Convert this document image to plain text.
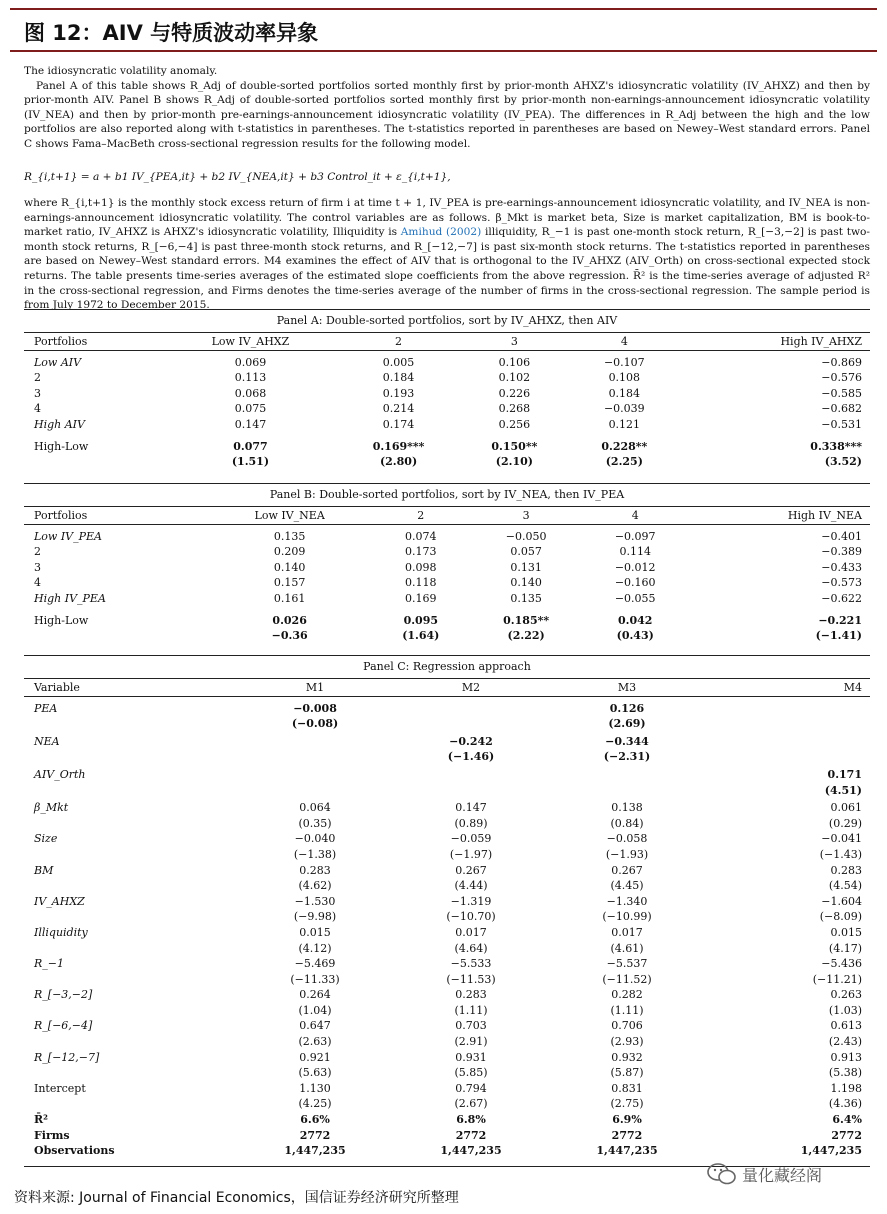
图 12：AIV 与特质波动率异象
The idiosyncratic volatility anomaly.
Panel A of this table shows R_Adj of double-sorted portfolios sorted monthly first by prior-month AHXZ's idiosyncratic volatility (IV_AHXZ) and then by prior-month AIV. Panel B shows R_Adj of double-sorted portfolios sorted monthly first by prior-month non-earnings-announcement idiosyncratic volatility (IV_NEA) and then by prior-month pre-earnings-announcement idiosyncratic volatility (IV_PEA). The differences in R_Adj between the high and the low portfolios are also reported along with t-statistics in parentheses. The t-statistics reported in parentheses are based on Newey–West standard errors. Panel C shows Fama–MacBeth cross-sectional regression results for the following model.
R_{i,t+1} = a + b1 IV_{PEA,it} + b2 IV_{NEA,it} + b3 Control_it + ε_{i,t+1},
where R_{i,t+1} is the monthly stock excess return of firm i at time t + 1, IV_PEA is pre-earnings-announcement idiosyncratic volatility, and IV_NEA is non-earnings-announcement idiosyncratic volatility. The control variables are as follows. β_Mkt is market beta, Size is market capitalization, BM is book-to-market ratio, IV_AHXZ is AHXZ's idiosyncratic volatility, Illiquidity is Amihud (2002) illiquidity, R_−1 is past one-month stock return, R_[−3,−2] is past two-month stock returns, R_[−6,−4] is past three-month stock returns, and R_[−12,−7] is past six-month stock returns. The t-statistics reported in parentheses are based on Newey–West standard errors. M4 examines the effect of AIV that is orthogonal to the IV_AHXZ (AIV_Orth) on cross-sectional expected stock returns. The table presents time-series averages of the estimated slope coefficients from the above regression. R̄² is the time-series average of adjusted R² in the cross-sectional regression, and Firms denotes the time-series average of the number of firms in the cross-sectional regression. The sample period is from July 1972 to December 2015.
Panel A: Double-sorted portfolios, sort by IV_AHXZ, then AIV
Portfolios	Low IV_AHXZ	2	3	4	High IV_AHXZ

Low AIV	0.069	0.005	0.106	−0.107	−0.869
2	0.113	0.184	0.102	0.108	−0.576
3	0.068	0.193	0.226	0.184	−0.585
4	0.075	0.214	0.268	−0.039	−0.682
High AIV	0.147	0.174	0.256	0.121	−0.531

High-Low	0.077	0.169***	0.150**	0.228**	0.338***
	(1.51)	(2.80)	(2.10)	(2.25)	(3.52)
Panel B: Double-sorted portfolios, sort by IV_NEA, then IV_PEA
Portfolios	Low IV_NEA	2	3	4	High IV_NEA

Low IV_PEA	0.135	0.074	−0.050	−0.097	−0.401
2	0.209	0.173	0.057	0.114	−0.389
3	0.140	0.098	0.131	−0.012	−0.433
4	0.157	0.118	0.140	−0.160	−0.573
High IV_PEA	0.161	0.169	0.135	−0.055	−0.622

High-Low	0.026	0.095	0.185**	0.042	−0.221
	−0.36	(1.64)	(2.22)	(0.43)	(−1.41)
Panel C: Regression approach
Variable	M1	M2	M3	M4

PEA	−0.008		0.126	
	(−0.08)		(2.69)	

NEA		−0.242	−0.344	
		(−1.46)	(−2.31)	

AIV_Orth				0.171
				(4.51)

β_Mkt	0.064	0.147	0.138	0.061
	(0.35)	(0.89)	(0.84)	(0.29)
Size	−0.040	−0.059	−0.058	−0.041
	(−1.38)	(−1.97)	(−1.93)	(−1.43)
BM	0.283	0.267	0.267	0.283
	(4.62)	(4.44)	(4.45)	(4.54)
IV_AHXZ	−1.530	−1.319	−1.340	−1.604
	(−9.98)	(−10.70)	(−10.99)	(−8.09)
Illiquidity	0.015	0.017	0.017	0.015
	(4.12)	(4.64)	(4.61)	(4.17)
R_−1	−5.469	−5.533	−5.537	−5.436
	(−11.33)	(−11.53)	(−11.52)	(−11.21)
R_[−3,−2]	0.264	0.283	0.282	0.263
	(1.04)	(1.11)	(1.11)	(1.03)
R_[−6,−4]	0.647	0.703	0.706	0.613
	(2.63)	(2.91)	(2.93)	(2.43)
R_[−12,−7]	0.921	0.931	0.932	0.913
	(5.63)	(5.85)	(5.87)	(5.38)
Intercept	1.130	0.794	0.831	1.198
	(4.25)	(2.67)	(2.75)	(4.36)
R̄²	6.6%	6.8%	6.9%	6.4%
Firms	2772	2772	2772	2772
Observations	1,447,235	1,447,235	1,447,235	1,447,235
量化藏经阁
资料来源: Journal of Financial Economics，国信证券经济研究所整理
